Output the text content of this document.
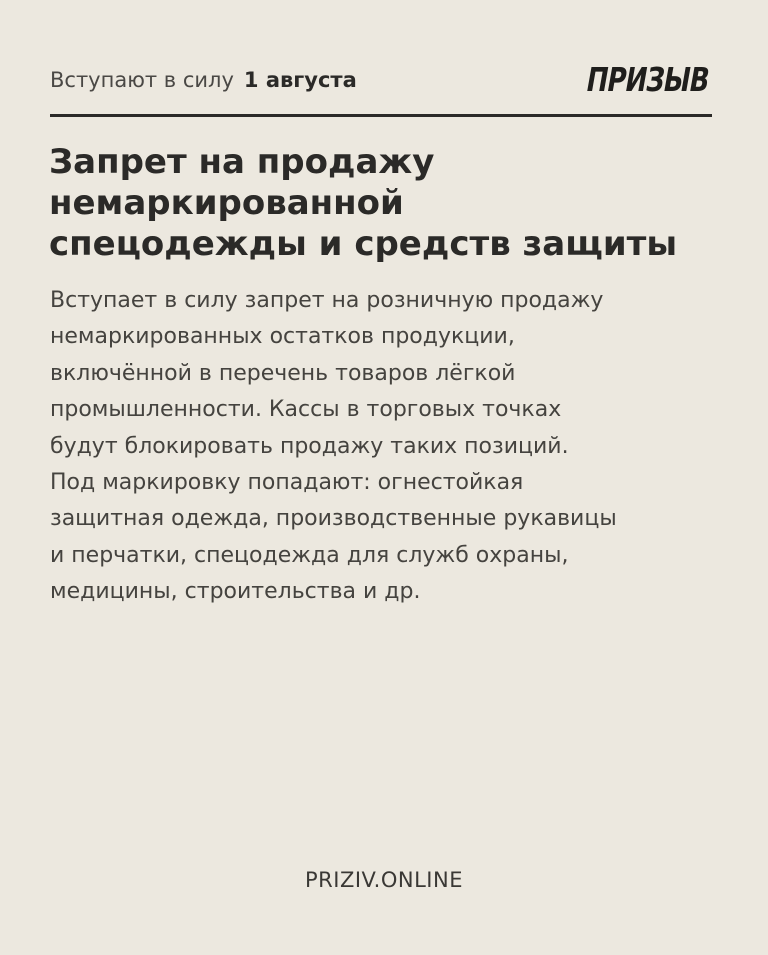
Вступают в силу 1 августа	ПРИЗЫВ
Запрет на продажу
немаркированной
спецодежды и средств защиты

Вступает в силу запрет на розничную продажу
немаркированных остатков продукции,
включённой в перечень товаров лёгкой
промышленности. Кассы в торговых точках
будут блокировать продажу таких позиций.
Под маркировку попадают: огнестойкая
защитная одежда, производственные рукавицы
и перчатки, спецодежда для служб охраны,
медицины, строительства и др.

PRIZIV.ONLINE
